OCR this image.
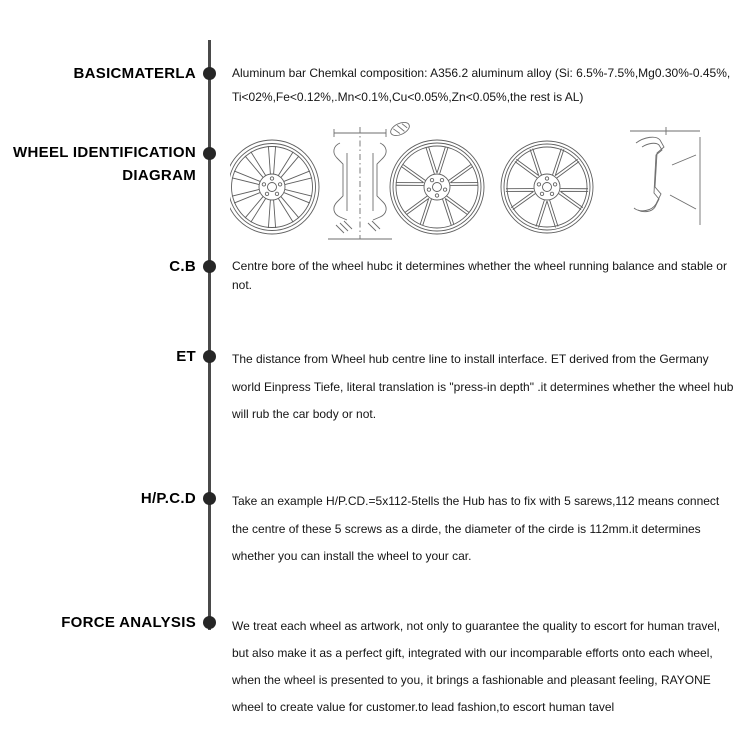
BASICMATERLA	Aluminum bar Chemkal composition: A356.2 aluminum alloy (Si: 6.5%-7.5%,Mg0.30%-0.45%, Ti<02%,Fe<0.12%,.Mn<0.1%,Cu<0.05%,Zn<0.05%,the rest is AL)
WHEEL IDENTIFICATION DIAGRAM
C.B	Centre bore of the wheel hubc it determines whether the wheel running balance and stable or not.
ET	The distance from Wheel hub centre line to install interface. ET derived from the Germany world Einpress Tiefe, literal translation is "press-in depth" .it determines whether the wheel hub will rub the car body or not.
H/P.C.D	Take an example H/P.CD.=5x112-5tells the Hub has to fix with 5 sarews,112 means connect the centre of these 5 screws as a dirde, the diameter of the cirde is 112mm.it determines whether you can install the wheel to your car.
FORCE ANALYSIS	We treat each wheel as artwork, not only to guarantee the quality to escort for human travel, but also make it as a perfect gift, integrated with our incomparable efforts onto each wheel, when the wheel is presented to you, it brings a fashionable and pleasant feeling, RAYONE wheel to create value for customer.to lead fashion,to escort human tavel
